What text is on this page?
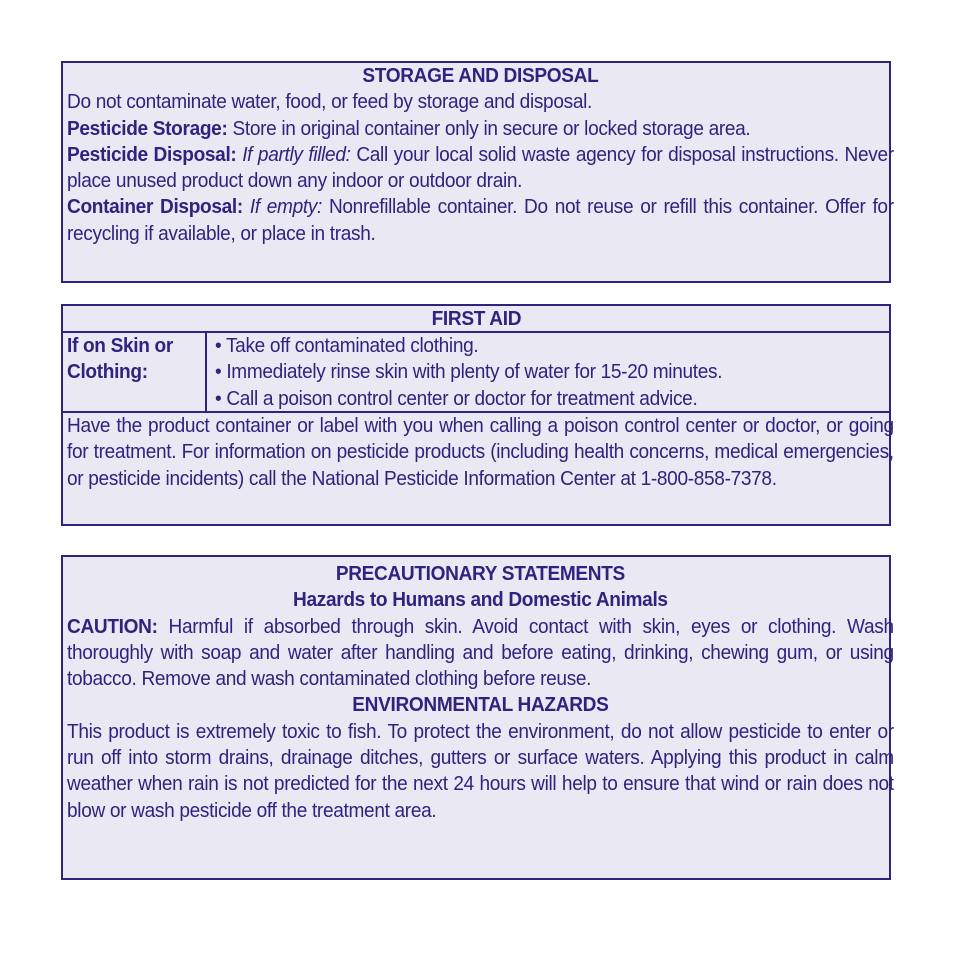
STORAGE AND DISPOSAL
Do not contaminate water, food, or feed by storage and disposal.
Pesticide Storage: Store in original container only in secure or locked storage area.
Pesticide Disposal: If partly filled: Call your local solid waste agency for disposal instructions. Never place unused product down any indoor or outdoor drain.
Container Disposal: If empty: Nonrefillable container. Do not reuse or refill this container. Offer for recycling if available, or place in trash.
FIRST AID
If on Skin or
Clothing:
• Take off contaminated clothing.
• Immediately rinse skin with plenty of water for 15-20 minutes.
• Call a poison control center or doctor for treatment advice.
Have the product container or label with you when calling a poison control center or doctor, or going for treatment. For information on pesticide products (including health concerns, medical emergencies, or pesticide incidents) call the National Pesticide Information Center at 1-800-858-7378.
PRECAUTIONARY STATEMENTS
Hazards to Humans and Domestic Animals
CAUTION: Harmful if absorbed through skin. Avoid contact with skin, eyes or clothing. Wash thoroughly with soap and water after handling and before eating, drinking, chewing gum, or using tobacco. Remove and wash contaminated clothing before reuse.
ENVIRONMENTAL HAZARDS
This product is extremely toxic to fish. To protect the environment, do not allow pesticide to enter or run off into storm drains, drainage ditches, gutters or surface waters. Applying this product in calm weather when rain is not predicted for the next 24 hours will help to ensure that wind or rain does not blow or wash pesticide off the treatment area.
